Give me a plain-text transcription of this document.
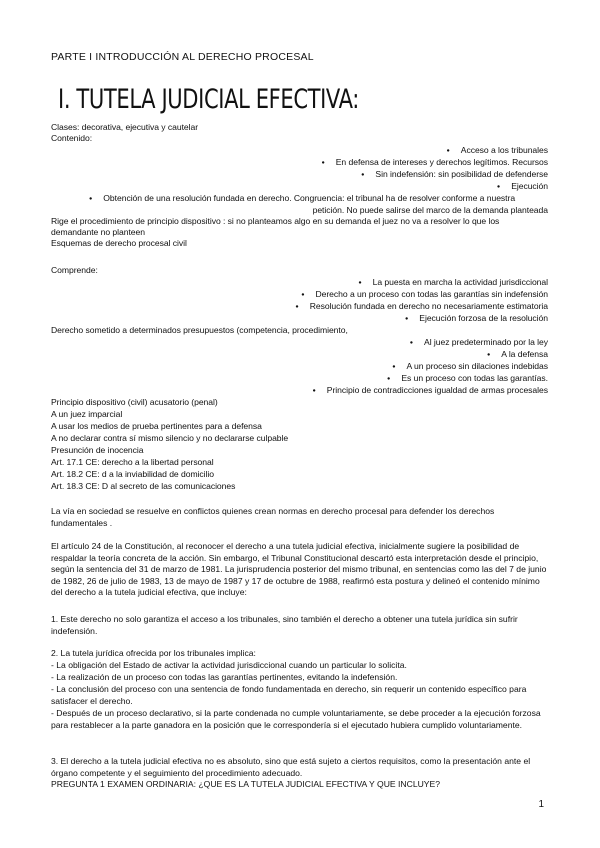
PARTE I INTRODUCCIÓN AL DERECHO PROCESAL
I. TUTELA JUDICIAL EFECTIVA:
Clases: decorativa, ejecutiva y cautelar
Contenido:
● Acceso a los tribunales
● En defensa de intereses y derechos legítimos. Recursos
● Sin indefensión: sin posibilidad de defenderse
● Ejecución
● Obtención de una resolución fundada en derecho. Congruencia: el tribunal ha de resolver conforme a nuestra
petición. No puede salirse del marco de la demanda planteada
Rige el procedimiento de principio dispositivo : si no planteamos algo en su demanda el juez no va a resolver lo que los
demandante no planteen
Esquemas de derecho procesal civil
Comprende:
● La puesta en marcha la actividad jurisdiccional
● Derecho a un proceso con todas las garantías sin indefensión
● Resolución fundada en derecho no necesariamente estimatoria
● Ejecución forzosa de la resolución
Derecho sometido a determinados presupuestos (competencia, procedimiento,
● Al juez predeterminado por la ley
● A la defensa
● A un proceso sin dilaciones indebidas
● Es un proceso con todas las garantías.
● Principio de contradicciones igualdad de armas procesales
Principio dispositivo (civil) acusatorio (penal)
A un juez imparcial
A usar los medios de prueba pertinentes para a defensa
A no declarar contra sí mismo silencio y no declararse culpable
Presunción de inocencia
Art. 17.1 CE: derecho a la libertad personal
Art. 18.2 CE: d a la inviabilidad de domicilio
Art. 18.3 CE: D al secreto de las comunicaciones
La vía en sociedad se resuelve en conflictos quienes crean normas en derecho procesal para defender los derechos fundamentales .
El artículo 24 de la Constitución, al reconocer el derecho a una tutela judicial efectiva, inicialmente sugiere la posibilidad de respaldar la teoría concreta de la acción. Sin embargo, el Tribunal Constitucional descartó esta interpretación desde el principio, según la sentencia del 31 de marzo de 1981. La jurisprudencia posterior del mismo tribunal, en sentencias como las del 7 de junio de 1982, 26 de julio de 1983, 13 de mayo de 1987 y 17 de octubre de 1988, reafirmó esta postura y delineó el contenido mínimo del derecho a la tutela judicial efectiva, que incluye:
1. Este derecho no solo garantiza el acceso a los tribunales, sino también el derecho a obtener una tutela jurídica sin sufrir indefensión.
2. La tutela jurídica ofrecida por los tribunales implica:
- La obligación del Estado de activar la actividad jurisdiccional cuando un particular lo solicita.
- La realización de un proceso con todas las garantías pertinentes, evitando la indefensión.
- La conclusión del proceso con una sentencia de fondo fundamentada en derecho, sin requerir un contenido específico para satisfacer el derecho.
- Después de un proceso declarativo, si la parte condenada no cumple voluntariamente, se debe proceder a la ejecución forzosa para restablecer a la parte ganadora en la posición que le correspondería si el ejecutado hubiera cumplido voluntariamente.
3. El derecho a la tutela judicial efectiva no es absoluto, sino que está sujeto a ciertos requisitos, como la presentación ante el órgano competente y el seguimiento del procedimiento adecuado.
PREGUNTA 1 EXAMEN ORDINARIA: ¿QUE ES LA TUTELA JUDICIAL EFECTIVA Y QUE INCLUYE?
1
